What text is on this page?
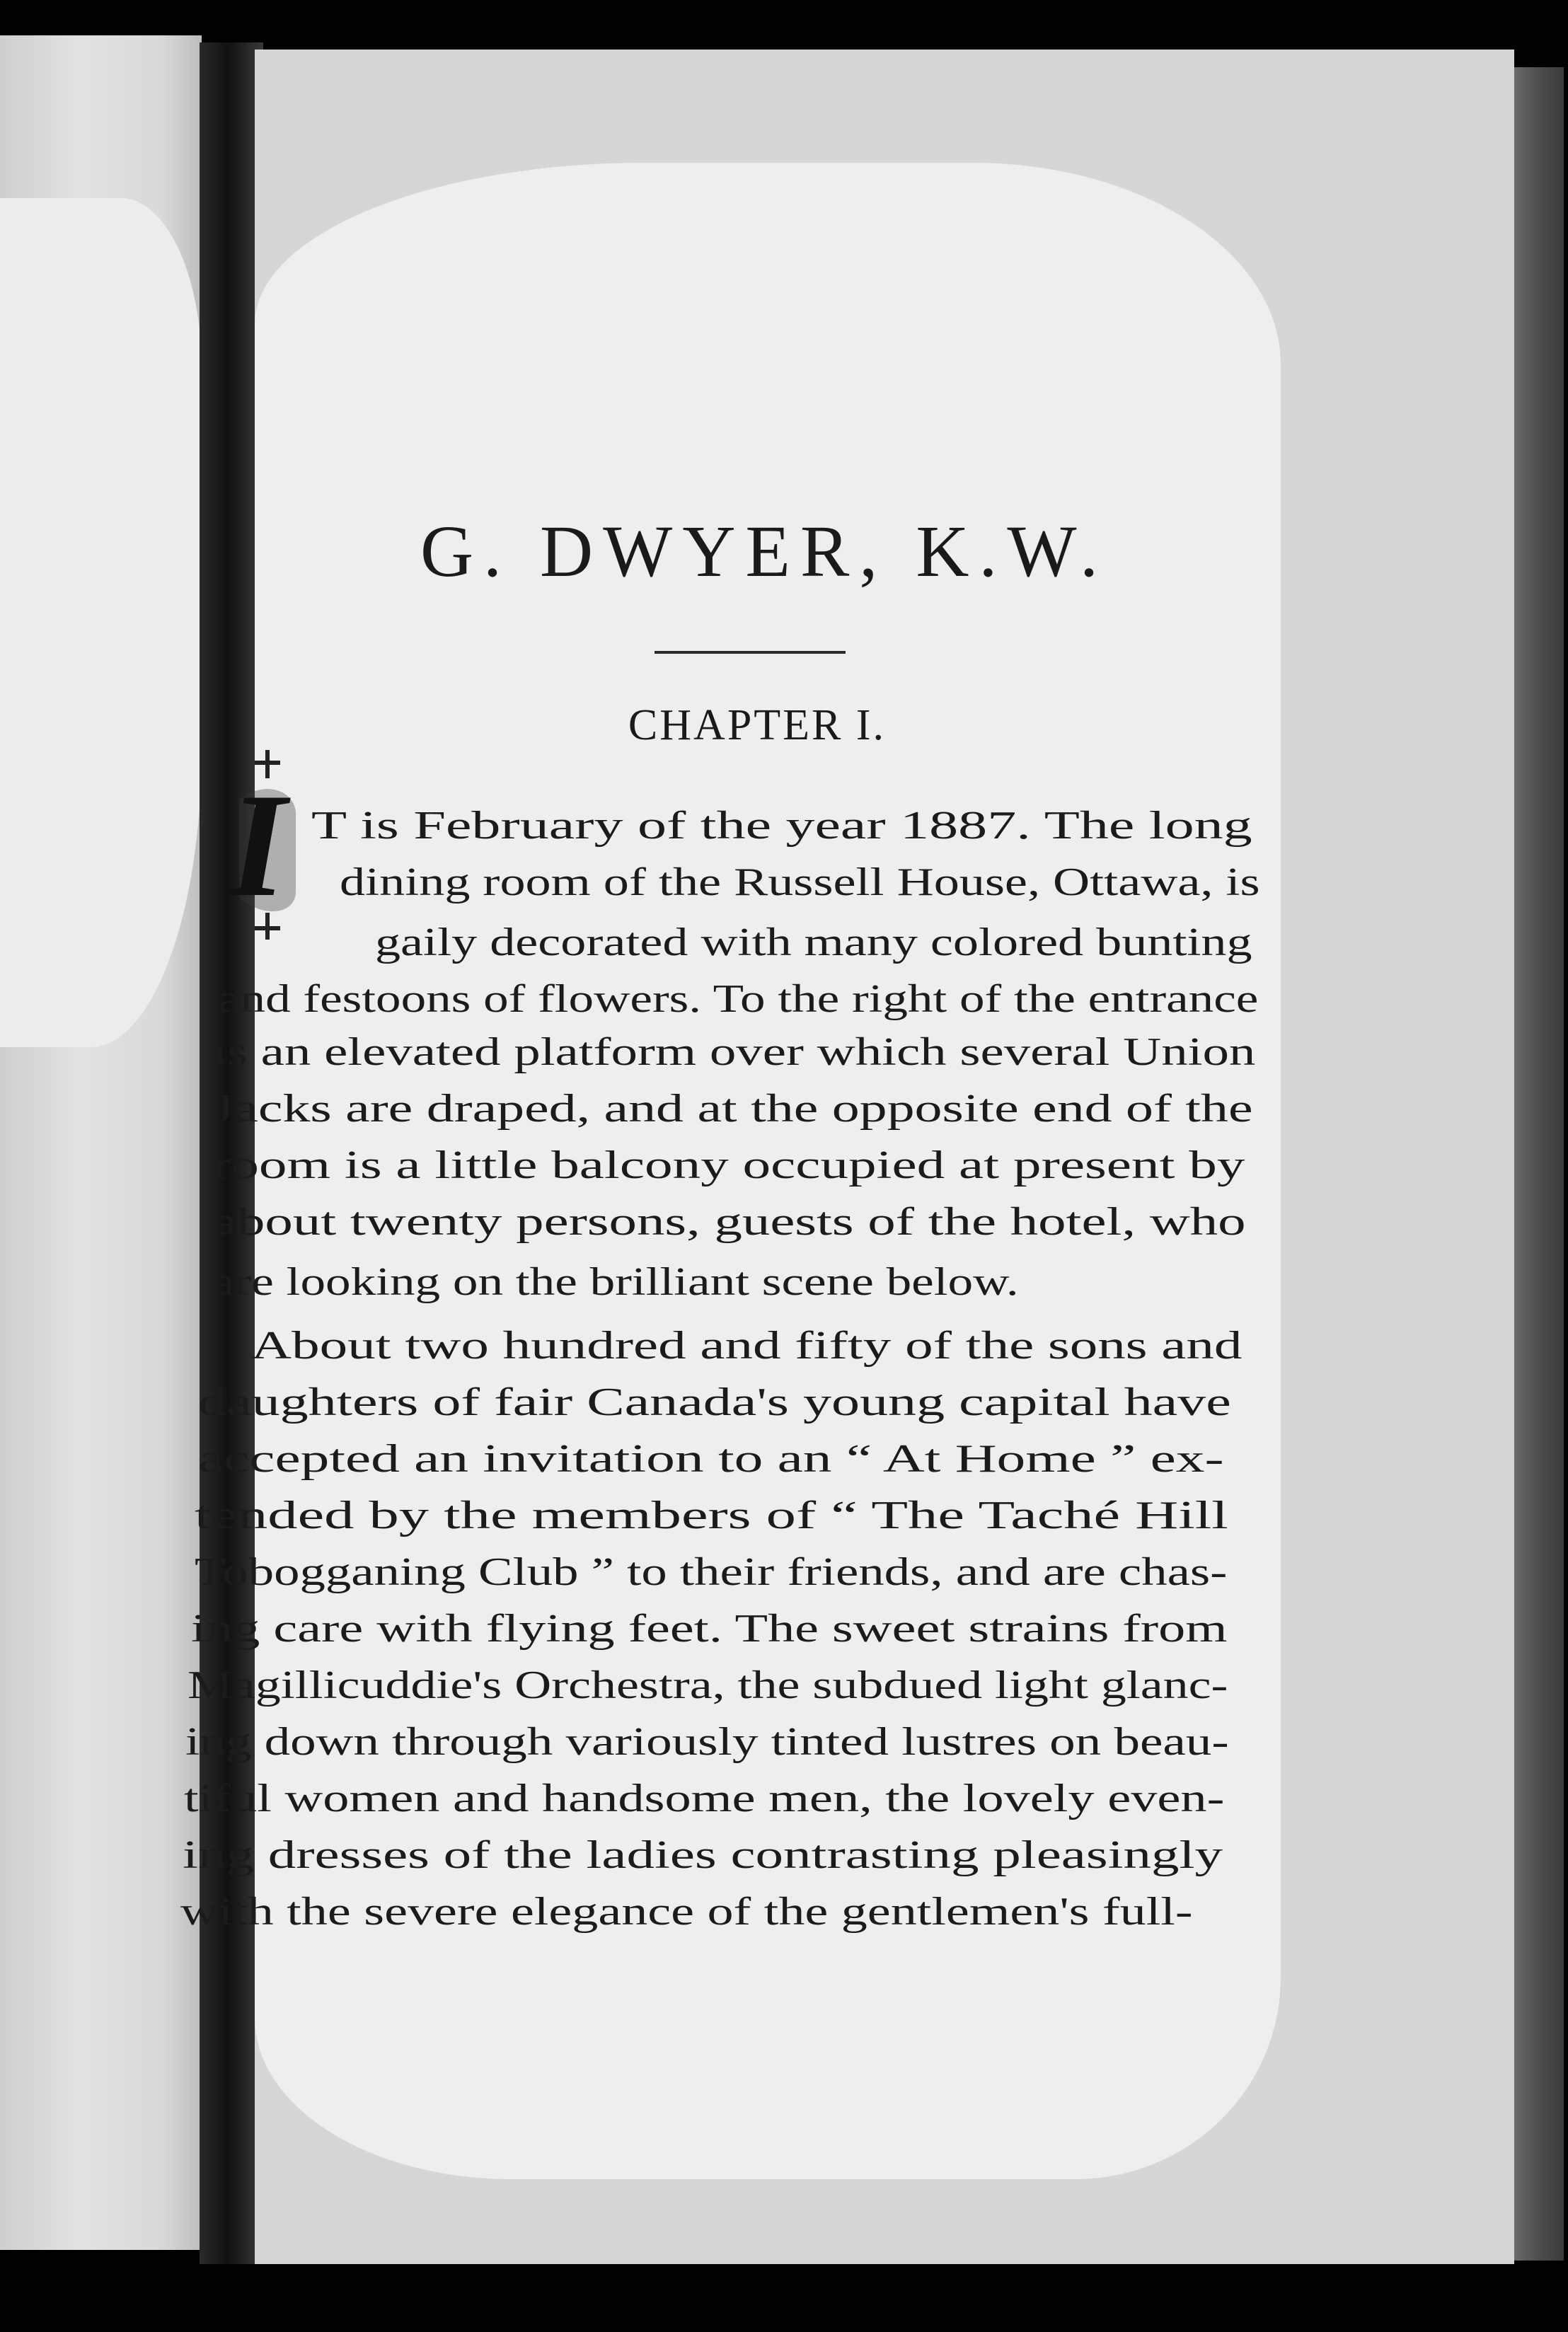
G. DWYER, K.W.
CHAPTER I.
I T is February of the year 1887. The long
dining room of the Russell House, Ottawa, is
gaily decorated with many colored bunting
and festoons of flowers. To the right of the entrance
is an elevated platform over which several Union
Jacks are draped, and at the opposite end of the
room is a little balcony occupied at present by
about twenty persons, guests of the hotel, who
are looking on the brilliant scene below.
About two hundred and fifty of the sons and
daughters of fair Canada's young capital have
accepted an invitation to an “ At Home ” ex-
tended by the members of “ The Taché Hill
Tobogganing Club ” to their friends, and are chas-
ing care with flying feet. The sweet strains from
Magillicuddie's Orchestra, the subdued light glanc-
ing down through variously tinted lustres on beau-
tiful women and handsome men, the lovely even-
ing dresses of the ladies contrasting pleasingly
with the severe elegance of the gentlemen's full-
